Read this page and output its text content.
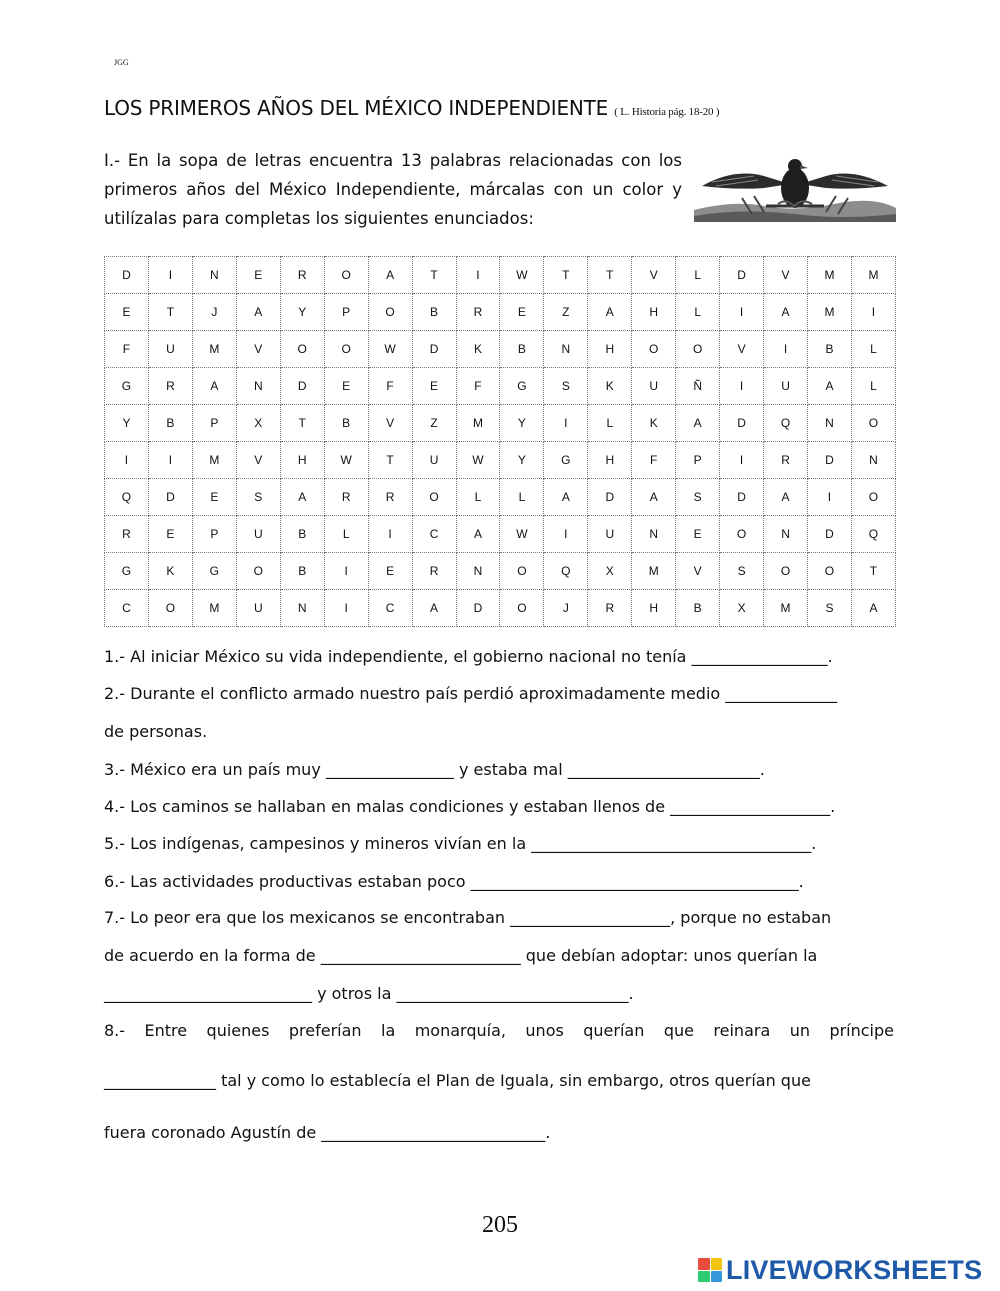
JGG
LOS PRIMEROS AÑOS DEL MÉXICO INDEPENDIENTE ( L. Historia pág. 18-20 )
I.- En la sopa de letras encuentra 13 palabras relacionadas con los primeros años del México Independiente, márcalas con un color y utilízalas para completas los siguientes enunciados:
D	I	N	E	R	O	A	T	I	W	T	T	V	L	D	V	M	M
E	T	J	A	Y	P	O	B	R	E	Z	A	H	L	I	A	M	I
F	U	M	V	O	O	W	D	K	B	N	H	O	O	V	I	B	L
G	R	A	N	D	E	F	E	F	G	S	K	U	Ñ	I	U	A	L
Y	B	P	X	T	B	V	Z	M	Y	I	L	K	A	D	Q	N	O
I	I	M	V	H	W	T	U	W	Y	G	H	F	P	I	R	D	N
Q	D	E	S	A	R	R	O	L	L	A	D	A	S	D	A	I	O
R	E	P	U	B	L	I	C	A	W	I	U	N	E	O	N	D	Q
G	K	G	O	B	I	E	R	N	O	Q	X	M	V	S	O	O	T
C	O	M	U	N	I	C	A	D	O	J	R	H	B	X	M	S	A
1.- Al iniciar México su vida independiente, el gobierno nacional no tenía _________________.
2.- Durante el conflicto armado nuestro país perdió aproximadamente medio ______________
de personas.
3.- México era un país muy ________________ y estaba mal ________________________.
4.- Los caminos se hallaban en malas condiciones y estaban llenos de ____________________.
5.- Los indígenas, campesinos y mineros vivían en la ___________________________________.
6.- Las actividades productivas estaban poco _________________________________________.
7.- Lo peor era que los mexicanos se encontraban ____________________, porque no estaban
de acuerdo en la forma de _________________________ que debían adoptar: unos querían la
__________________________ y otros la _____________________________.
8.- Entre quienes preferían la monarquía, unos querían que reinara un príncipe
______________ tal y como lo establecía el Plan de Iguala, sin embargo, otros querían que
fuera coronado Agustín de ____________________________.
205
LIVEWORKSHEETS
